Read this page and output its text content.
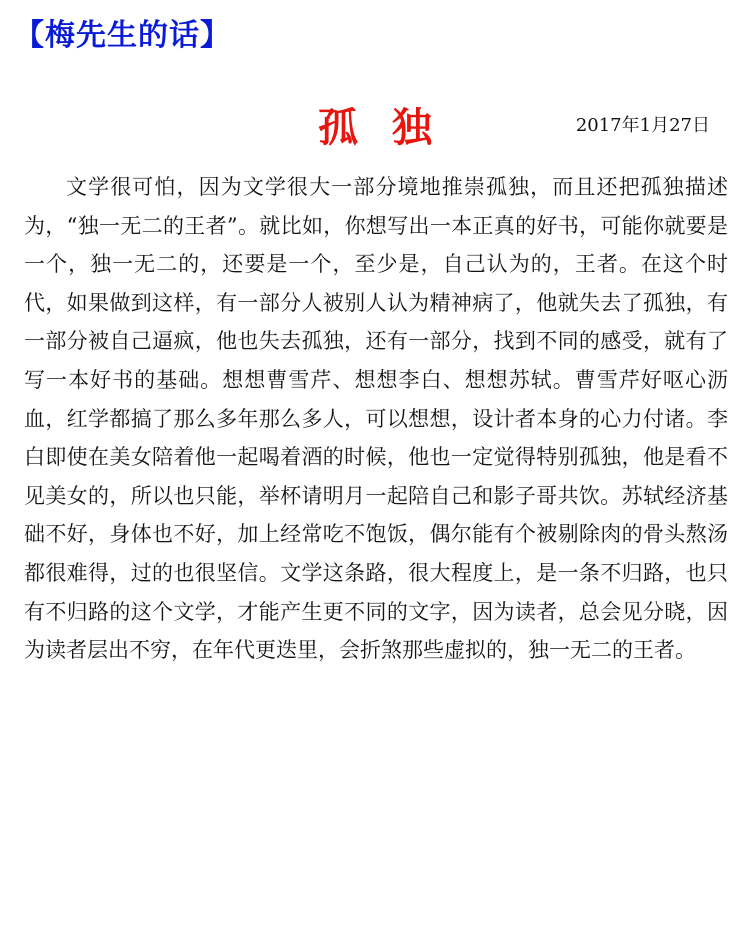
【梅先生的话】
孤独	2017年1月27日

文学很可怕，因为文学很大一部分境地推崇孤独，而且还把孤独描述为，“独一无二的王者”。就比如，你想写出一本正真的好书，可能你就要是一个，独一无二的，还要是一个，至少是，自己认为的，王者。在这个时代，如果做到这样，有一部分人被别人认为精神病了，他就失去了孤独，有一部分被自己逼疯，他也失去孤独，还有一部分，找到不同的感受，就有了写一本好书的基础。想想曹雪芹、想想李白、想想苏轼。曹雪芹好呕心沥血，红学都搞了那么多年那么多人，可以想想，设计者本身的心力付诸。李白即使在美女陪着他一起喝着酒的时候，他也一定觉得特别孤独，他是看不见美女的，所以也只能，举杯请明月一起陪自己和影子哥共饮。苏轼经济基础不好，身体也不好，加上经常吃不饱饭，偶尔能有个被剔除肉的骨头熬汤都很难得，过的也很坚信。文学这条路，很大程度上，是一条不归路，也只有不归路的这个文学，才能产生更不同的文字，因为读者，总会见分晓，因为读者层出不穷，在年代更迭里，会折煞那些虚拟的，独一无二的王者。
